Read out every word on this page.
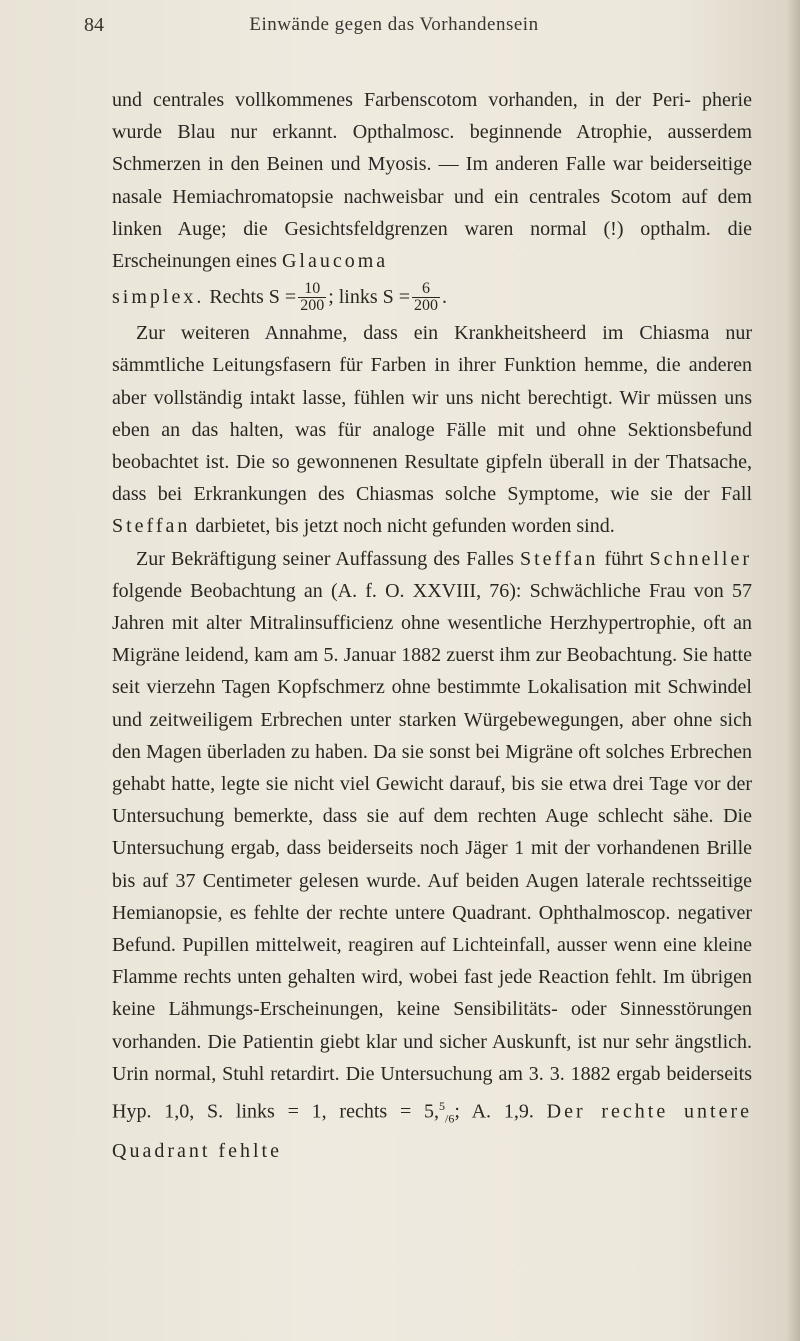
84	Einwände gegen das Vorhandensein

und centrales vollkommenes Farbenscotom vorhanden, in der Peri- pherie wurde Blau nur erkannt. Opthalmosc. beginnende Atrophie, ausserdem Schmerzen in den Beinen und Myosis. — Im anderen Falle war beiderseitige nasale Hemiachromatopsie nachweisbar und ein centrales Scotom auf dem linken Auge; die Gesichtsfeldgrenzen waren normal (!) opthalm. die Erscheinungen eines Glaucoma

simplex.
Rechts $S = \frac{10}{200}$ ; links $S = \frac{6}{200}$ .

Zur weiteren Annahme, dass ein Krankheitsheerd im Chiasma nur sämmtliche Leitungsfasern für Farben in ihrer Funktion hemme, die anderen aber vollständig intakt lasse, fühlen wir uns nicht berechtigt. Wir müssen uns eben an das halten, was für analoge Fälle mit und ohne Sektionsbefund beobachtet ist. Die so gewonnenen Resultate gipfeln überall in der Thatsache, dass bei Erkrankungen des Chiasmas solche Symptome, wie sie der Fall Steffan darbietet, bis jetzt noch nicht gefunden worden sind.

Zur Bekräftigung seiner Auffassung des Falles Steffan führt Schneller folgende Beobachtung an (A. f. O. XXVIII, 76): Schwächliche Frau von 57 Jahren mit alter Mitralinsufficienz ohne wesentliche Herzhypertrophie, oft an Migräne leidend, kam am 5. Januar 1882 zuerst ihm zur Beobachtung. Sie hatte seit vierzehn Tagen Kopfschmerz ohne bestimmte Lokalisation mit Schwindel und zeitweiligem Erbrechen unter starken Würgebewegungen, aber ohne sich den Magen überladen zu haben. Da sie sonst bei Migräne oft solches Erbrechen gehabt hatte, legte sie nicht viel Gewicht darauf, bis sie etwa drei Tage vor der Untersuchung bemerkte, dass sie auf dem rechten Auge schlecht sähe. Die Untersuchung ergab, dass beiderseits noch Jäger 1 mit der vorhandenen Brille bis auf 37 Centimeter gelesen wurde. Auf beiden Augen laterale rechtsseitige Hemianopsie, es fehlte der rechte untere Quadrant. Ophthalmoscop. negativer Befund. Pupillen mittelweit, reagiren auf Lichteinfall, ausser wenn eine kleine Flamme rechts unten gehalten wird, wobei fast jede Reaction fehlt. Im übrigen keine Lähmungs-Erscheinungen, keine Sensibilitäts- oder Sinnesstörungen vorhanden. Die Patientin giebt klar und sicher Auskunft, ist nur sehr ängstlich. Urin normal, Stuhl retardirt. Die Untersuchung am 3. 3. 1882 ergab beiderseits Hyp. 1,0, S. links = 1, rechts = 5,$^5_{/6}$; A. 1,9. Der rechte untere Quadrant fehlte
